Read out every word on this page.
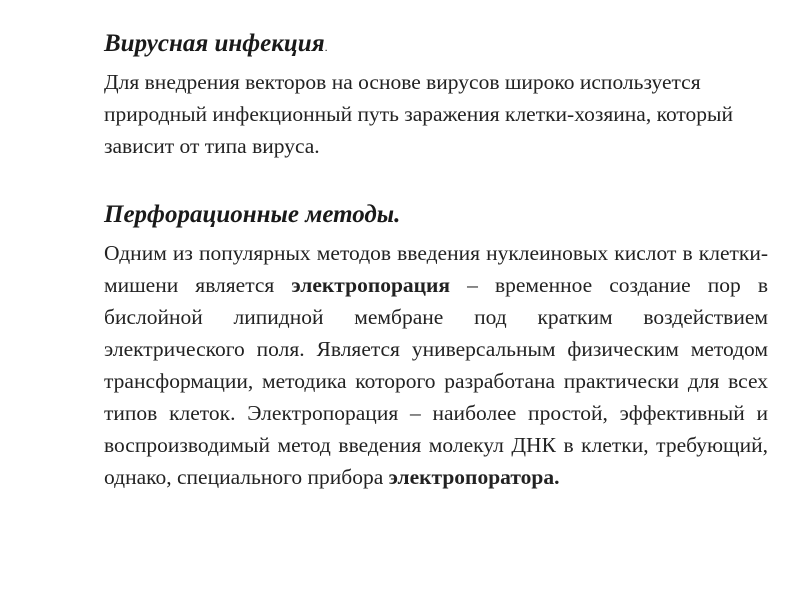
Вирусная инфекция.

Для внедрения векторов на основе вирусов широко используется природный инфекционный путь заражения клетки-хозяина, который зависит от типа вируса.

Перфорационные методы.

Одним из популярных методов введения нуклеиновых кислот в клетки-мишени является электропорация – временное создание пор в бислойной липидной мембране под кратким воздействием электрического поля. Является универсальным физическим методом трансформации, методика которого разработана практически для всех типов клеток. Электропорация – наиболее простой, эффективный и воспроизводимый метод введения молекул ДНК в клетки, требующий, однако, специального прибора электропоратора.
